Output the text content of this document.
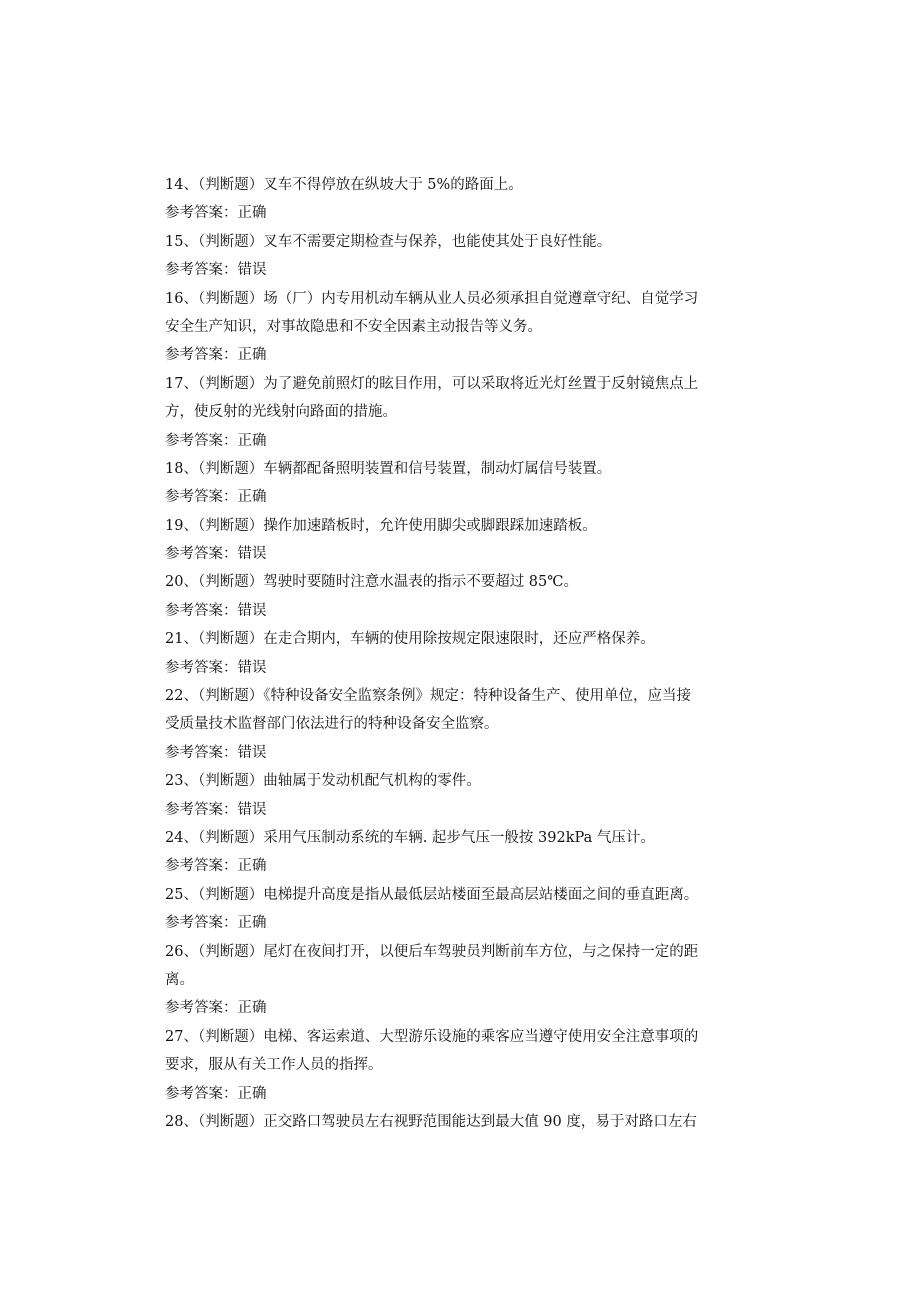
14、（判断题）叉车不得停放在纵坡大于 5%的路面上。
参考答案：正确
15、（判断题）叉车不需要定期检查与保养，也能使其处于良好性能。
参考答案：错误
16、（判断题）场（厂）内专用机动车辆从业人员必须承担自觉遵章守纪、自觉学习
安全生产知识，对事故隐患和不安全因素主动报告等义务。
参考答案：正确
17、（判断题）为了避免前照灯的眩目作用，可以采取将近光灯丝置于反射镜焦点上
方，使反射的光线射向路面的措施。
参考答案：正确
18、（判断题）车辆都配备照明装置和信号装置，制动灯属信号装置。
参考答案：正确
19、（判断题）操作加速踏板时，允许使用脚尖或脚跟踩加速踏板。
参考答案：错误
20、（判断题）驾驶时要随时注意水温表的指示不要超过 85℃。
参考答案：错误
21、（判断题）在走合期内，车辆的使用除按规定限速限时，还应严格保养。
参考答案：错误
22、（判断题）《特种设备安全监察条例》规定：特种设备生产、使用单位，应当接
受质量技术监督部门依法进行的特种设备安全监察。
参考答案：错误
23、（判断题）曲轴属于发动机配气机构的零件。
参考答案：错误
24、（判断题）采用气压制动系统的车辆. 起步气压一般按 392kPa 气压计。
参考答案：正确
25、（判断题）电梯提升高度是指从最低层站楼面至最高层站楼面之间的垂直距离。
参考答案：正确
26、（判断题）尾灯在夜间打开，以便后车驾驶员判断前车方位，与之保持一定的距
离。
参考答案：正确
27、（判断题）电梯、客运索道、大型游乐设施的乘客应当遵守使用安全注意事项的
要求，服从有关工作人员的指挥。
参考答案：正确
28、（判断题）正交路口驾驶员左右视野范围能达到最大值 90 度，易于对路口左右
